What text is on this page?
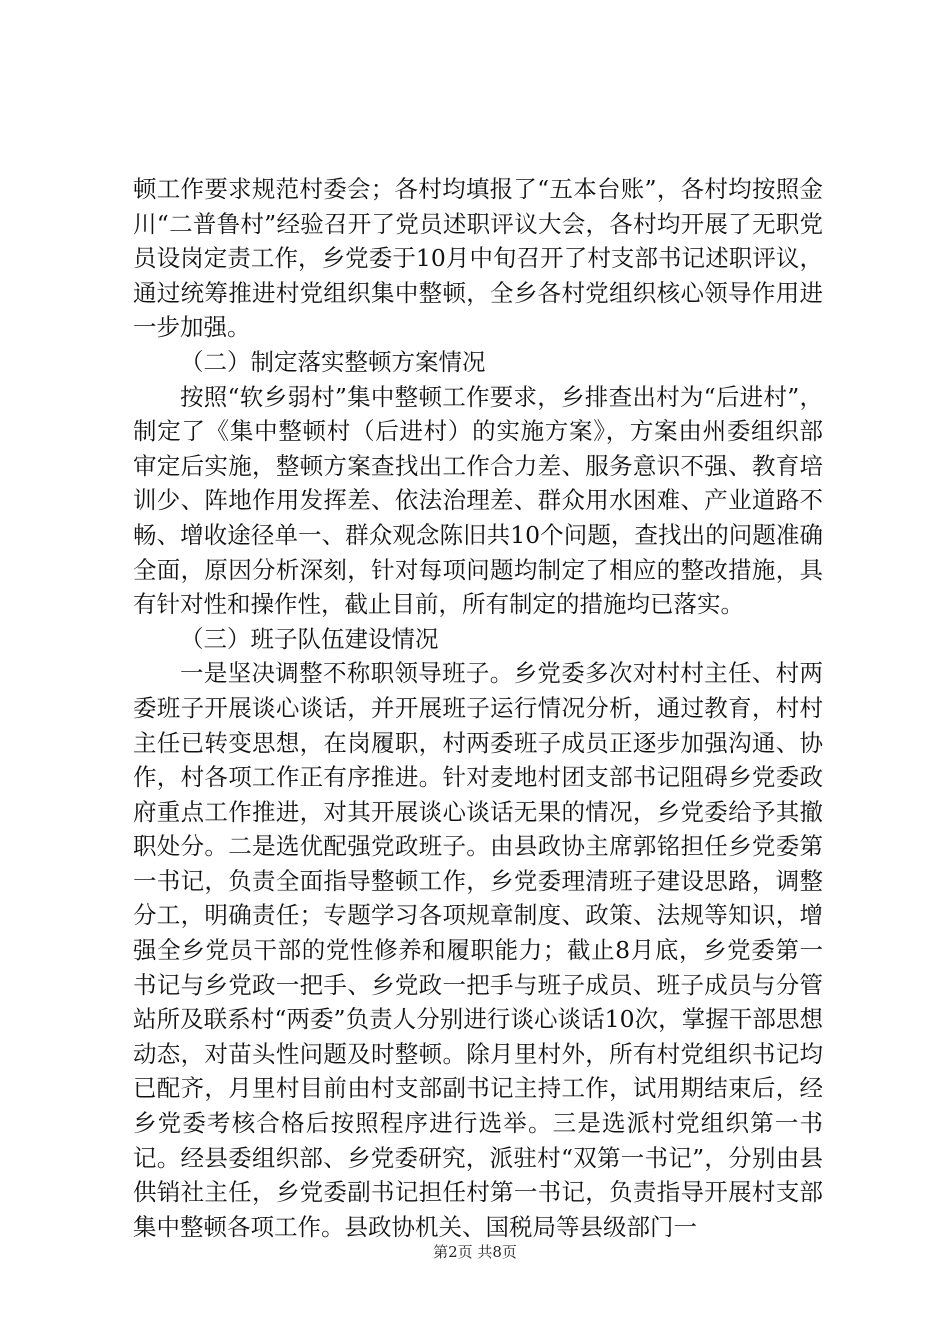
顿工作要求规范村委会；各村均填报了“五本台账”，各村均按照金川“二普鲁村”经验召开了党员述职评议大会，各村均开展了无职党员设岗定责工作，乡党委于10月中旬召开了村支部书记述职评议，通过统筹推进村党组织集中整顿，全乡各村党组织核心领导作用进一步加强。

（二）制定落实整顿方案情况

按照“软乡弱村”集中整顿工作要求，乡排查出村为“后进村”，制定了《集中整顿村（后进村）的实施方案》，方案由州委组织部审定后实施，整顿方案查找出工作合力差、服务意识不强、教育培训少、阵地作用发挥差、依法治理差、群众用水困难、产业道路不畅、增收途径单一、群众观念陈旧共10个问题，查找出的问题准确全面，原因分析深刻，针对每项问题均制定了相应的整改措施，具有针对性和操作性，截止目前，所有制定的措施均已落实。

（三）班子队伍建设情况

一是坚决调整不称职领导班子。乡党委多次对村村主任、村两委班子开展谈心谈话，并开展班子运行情况分析，通过教育，村村主任已转变思想，在岗履职，村两委班子成员正逐步加强沟通、协作，村各项工作正有序推进。针对麦地村团支部书记阻碍乡党委政府重点工作推进，对其开展谈心谈话无果的情况，乡党委给予其撤职处分。二是选优配强党政班子。由县政协主席郭铭担任乡党委第一书记，负责全面指导整顿工作，乡党委理清班子建设思路，调整分工，明确责任；专题学习各项规章制度、政策、法规等知识，增强全乡党员干部的党性修养和履职能力；截止8月底，乡党委第一书记与乡党政一把手、乡党政一把手与班子成员、班子成员与分管站所及联系村“两委”负责人分别进行谈心谈话10次，掌握干部思想动态，对苗头性问题及时整顿。除月里村外，所有村党组织书记均已配齐，月里村目前由村支部副书记主持工作，试用期结束后，经乡党委考核合格后按照程序进行选举。三是选派村党组织第一书记。经县委组织部、乡党委研究，派驻村“双第一书记”，分别由县供销社主任，乡党委副书记担任村第一书记，负责指导开展村支部集中整顿各项工作。县政协机关、国税局等县级部门一

第2页 共8页
